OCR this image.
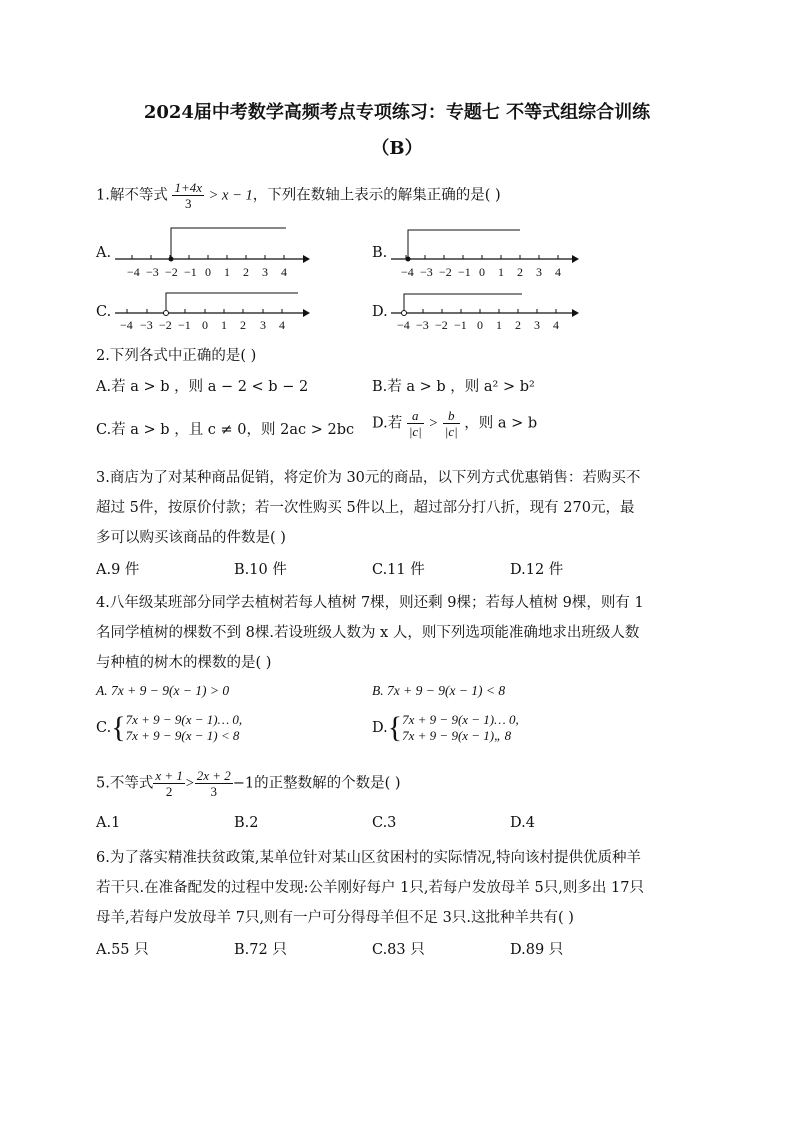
2024届中考数学高频考点专项练习：专题七 不等式组综合训练
（B）
1.解不等式 $\frac{1+4x}{3} > x - 1$，下列在数轴上表示的解集正确的是( )
A.	B.
C.	D.
−4 −3 −2 −1 0 1 2 3 4	−4 −3 −2 −1 0 1 2 3 4
−4 −3 −2 −1 0 1 2 3 4	−4 −3 −2 −1 0 1 2 3 4
2.下列各式中正确的是( )
A.若 a > b ，则 a − 2 < b − 2	B.若 a > b ，则 a² > b²
C.若 a > b ，且 c ≠ 0，则 2ac > 2bc D.若 $\frac{a}{|c|} > \frac{b}{|c|}$ ，则 a > b
3.商店为了对某种商品促销，将定价为 30元的商品，以下列方式优惠销售：若购买不
超过 5件，按原价付款；若一次性购买 5件以上，超过部分打八折，现有 270元，最
多可以购买该商品的件数是( )
A.9 件	B.10 件	C.11 件	D.12 件
4.八年级某班部分同学去植树若每人植树 7棵，则还剩 9棵；若每人植树 9棵，则有 1
名同学植树的棵数不到 8棵.若设班级人数为 x 人，则下列选项能准确地求出班级人数
与种植的树木的棵数的是( )
A. 7x + 9 − 9(x − 1) > 0	B. 7x + 9 − 9(x − 1) < 8
C.{ 7x + 9 − 9(x − 1)… 0,
7x + 9 − 9(x − 1) < 8	D.{ 7x + 9 − 9(x − 1)… 0,
7x + 9 − 9(x − 1)„ 8
5.不等式 $\frac{x + 1}{2} > \frac{2x + 2}{3} -1$的正整数解的个数是( )
A.1	B.2	C.3	D.4
6.为了落实精准扶贫政策,某单位针对某山区贫困村的实际情况,特向该村提供优质种羊
若干只.在准备配发的过程中发现:公羊刚好每户 1只,若每户发放母羊 5只,则多出 17只
母羊,若每户发放母羊 7只,则有一户可分得母羊但不足 3只.这批种羊共有( )
A.55 只	B.72 只	C.83 只	D.89 只
